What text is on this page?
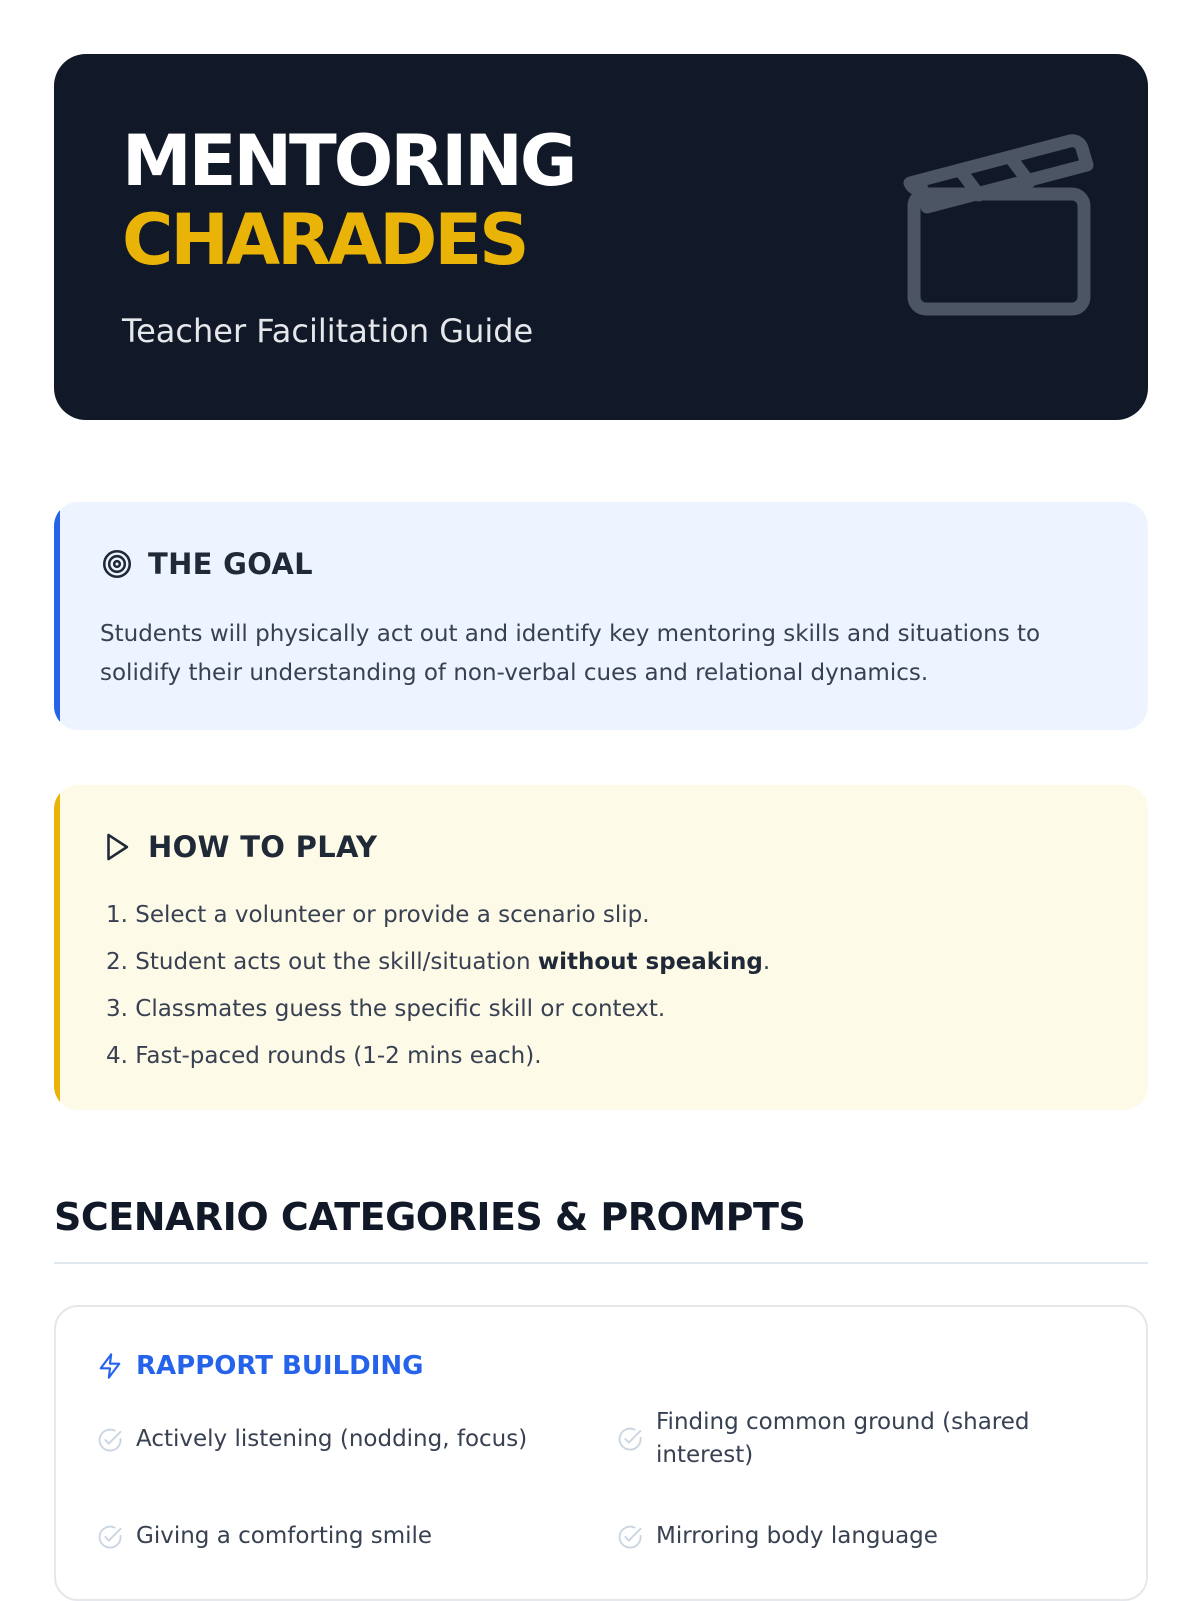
MENTORING
CHARADES
Teacher Facilitation Guide
THE GOAL
Students will physically act out and identify key mentoring skills and situations to solidify their understanding of non-verbal cues and relational dynamics.
HOW TO PLAY
1. Select a volunteer or provide a scenario slip.
2. Student acts out the skill/situation without speaking.
3. Classmates guess the specific skill or context.
4. Fast-paced rounds (1-2 mins each).
SCENARIO CATEGORIES & PROMPTS
RAPPORT BUILDING
Actively listening (nodding, focus)
Finding common ground (shared interest)
Giving a comforting smile	Mirroring body language
